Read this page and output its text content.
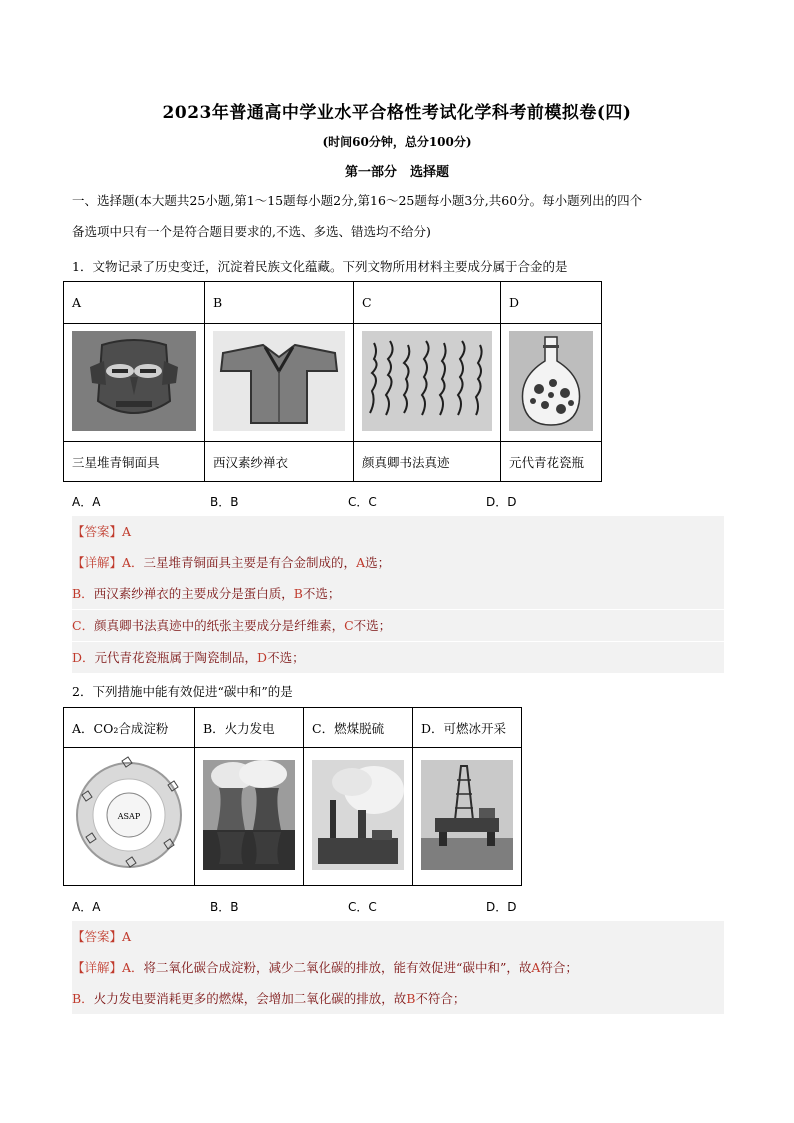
2023年普通高中学业水平合格性考试化学科考前模拟卷(四)
(时间60分钟，总分100分)
第一部分　选择题
一、选择题(本大题共25小题,第1～15题每小题2分,第16～25题每小题3分,共60分。每小题列出的四个
备选项中只有一个是符合题目要求的,不选、多选、错选均不给分)
1．文物记录了历史变迁，沉淀着民族文化蕴藏。下列文物所用材料主要成分属于合金的是
A	B	C	D

三星堆青铜面具	西汉素纱禅衣	颜真卿书法真迹	元代青花瓷瓶
A．A	B．B	C．C	D．D
【答案】A
【详解】A．三星堆青铜面具主要是有合金制成的，A选；
B．西汉素纱禅衣的主要成分是蛋白质，B不选；
C．颜真卿书法真迹中的纸张主要成分是纤维素，C不选；
D．元代青花瓷瓶属于陶瓷制品，D不选；
2．下列措施中能有效促进“碳中和”的是
A．CO₂合成淀粉	B．火力发电	C．燃煤脱硫	D．可燃冰开采

ASAP

A．A	B．B	C．C	D．D
【答案】A
【详解】A．将二氧化碳合成淀粉，减少二氧化碳的排放，能有效促进“碳中和”，故A符合；
B．火力发电要消耗更多的燃煤，会增加二氧化碳的排放，故B不符合；
